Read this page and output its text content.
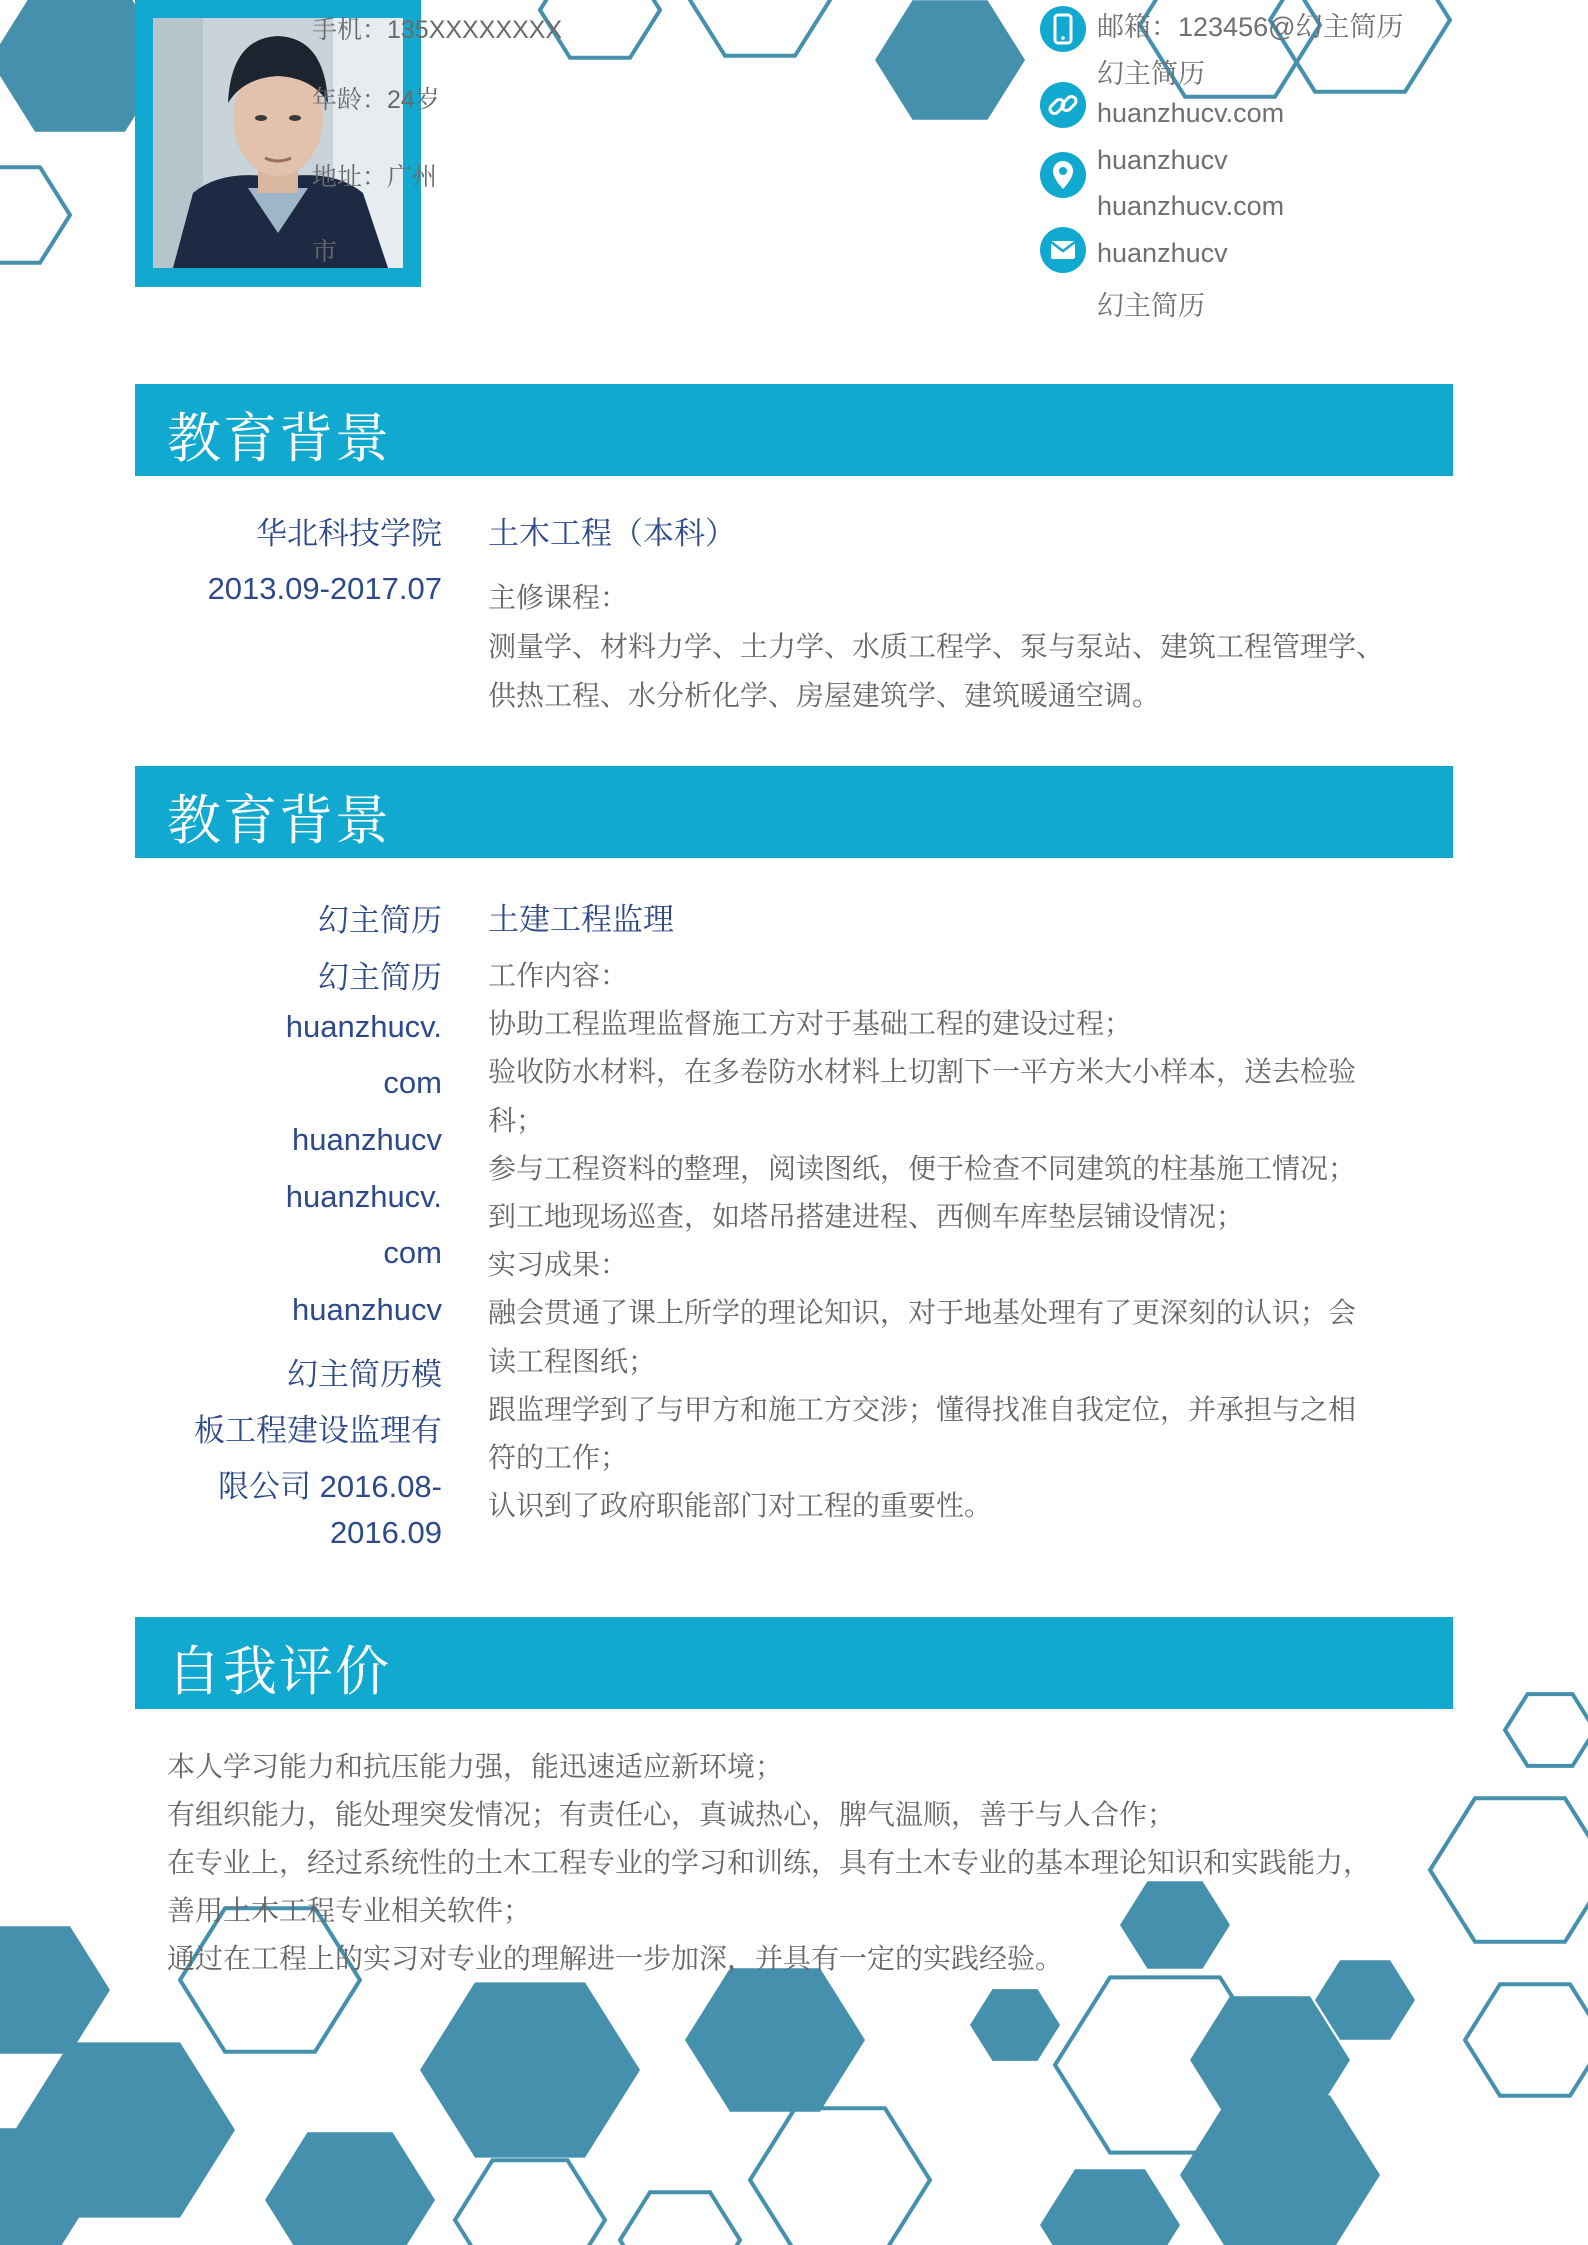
手机：135XXXXXXXX
年龄：24岁
地址：广州
市
邮箱：123456@幻主简历
幻主简历
huanzhucv.com
huanzhucv
huanzhucv.com
huanzhucv
幻主简历
教育背景
华北科技学院
2013.09-2017.07
土木工程（本科）
主修课程：
测量学、材料力学、土力学、水质工程学、泵与泵站、建筑工程管理学、
供热工程、水分析化学、房屋建筑学、建筑暖通空调。
教育背景
幻主简历
幻主简历
huanzhucv.
com
huanzhucv
huanzhucv.
com
huanzhucv
幻主简历模
板工程建设监理有
限公司 2016.08-
2016.09
土建工程监理
工作内容：
协助工程监理监督施工方对于基础工程的建设过程；
验收防水材料，在多卷防水材料上切割下一平方米大小样本，送去检验
科；
参与工程资料的整理，阅读图纸，便于检查不同建筑的柱基施工情况；
到工地现场巡查，如塔吊搭建进程、西侧车库垫层铺设情况；
实习成果：
融会贯通了课上所学的理论知识，对于地基处理有了更深刻的认识；会
读工程图纸；
跟监理学到了与甲方和施工方交涉；懂得找准自我定位，并承担与之相
符的工作；
认识到了政府职能部门对工程的重要性。
自我评价
本人学习能力和抗压能力强，能迅速适应新环境；
有组织能力，能处理突发情况；有责任心，真诚热心，脾气温顺，善于与人合作；
在专业上，经过系统性的土木工程专业的学习和训练，具有土木专业的基本理论知识和实践能力，
善用土木工程专业相关软件；
通过在工程上的实习对专业的理解进一步加深，并具有一定的实践经验。
